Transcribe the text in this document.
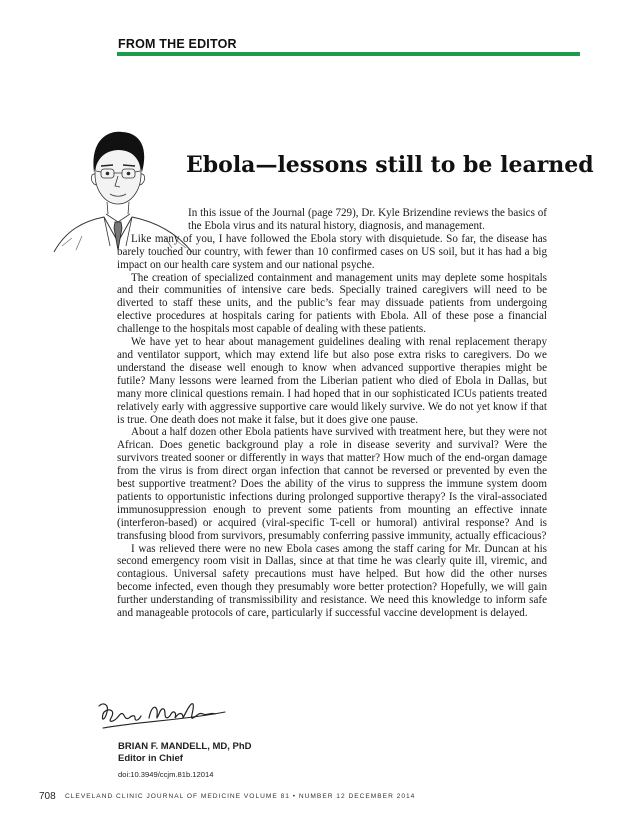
FROM THE EDITOR
Ebola—lessons still to be learned

In this issue of the Journal (page 729), Dr. Kyle Brizendine reviews the basics of the Ebola virus and its natural history, diagnosis, and management.

Like many of you, I have followed the Ebola story with disquietude. So far, the disease has barely touched our country, with fewer than 10 confirmed cases on US soil, but it has had a big impact on our health care system and our national psyche.

The creation of specialized containment and management units may deplete some hospitals and their communities of intensive care beds. Specially trained caregivers will need to be diverted to staff these units, and the public’s fear may dissuade patients from undergoing elective procedures at hospitals caring for patients with Ebola. All of these pose a financial challenge to the hospitals most capable of dealing with these patients.

We have yet to hear about management guidelines dealing with renal replacement therapy and ventilator support, which may extend life but also pose extra risks to caregivers. Do we understand the disease well enough to know when advanced supportive therapies might be futile? Many lessons were learned from the Liberian patient who died of Ebola in Dallas, but many more clinical questions remain. I had hoped that in our sophisticated ICUs patients treated relatively early with aggressive supportive care would likely survive. We do not yet know if that is true. One death does not make it false, but it does give one pause.

About a half dozen other Ebola patients have survived with treatment here, but they were not African. Does genetic background play a role in disease severity and survival? Were the survivors treated sooner or differently in ways that matter? How much of the end-organ damage from the virus is from direct organ infection that cannot be reversed or prevented by even the best supportive treatment? Does the ability of the virus to suppress the immune system doom patients to opportunistic infections during prolonged supportive therapy? Is the viral-associated immunosuppression enough to prevent some patients from mounting an effective innate (interferon-based) or acquired (viral-specific T-cell or humoral) antiviral response? And is transfusing blood from survivors, presumably conferring passive immunity, actually efficacious?

I was relieved there were no new Ebola cases among the staff caring for Mr. Duncan at his second emergency room visit in Dallas, since at that time he was clearly quite ill, viremic, and contagious. Universal safety precautions must have helped. But how did the other nurses become infected, even though they presumably wore better protection? Hopefully, we will gain further understanding of transmissibility and resistance. We need this knowledge to inform safe and manageable protocols of care, particularly if successful vaccine development is delayed.

BRIAN F. MANDELL, MD, PhD
Editor in Chief
doi:10.3949/ccjm.81b.12014
708 CLEVELAND CLINIC JOURNAL OF MEDICINE VOLUME 81 • NUMBER 12 DECEMBER 2014
